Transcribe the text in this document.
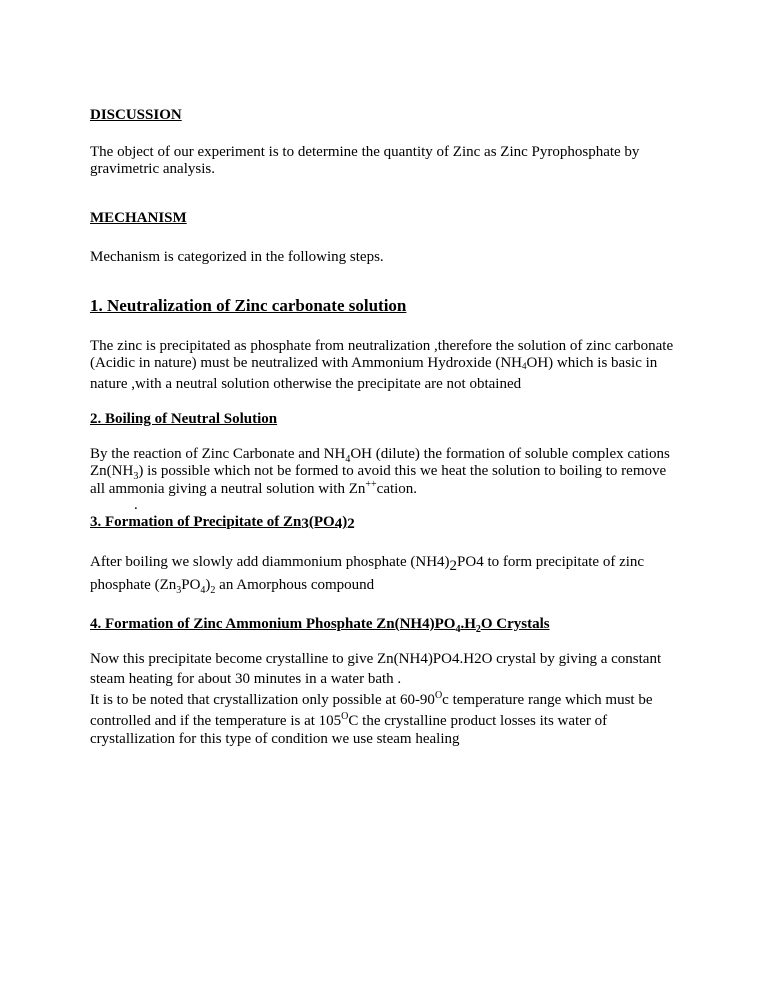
DISCUSSION
The object of our experiment is to determine the quantity of Zinc as Zinc Pyrophosphate by
gravimetric analysis.
MECHANISM
Mechanism is categorized in the following steps.
1. Neutralization of Zinc carbonate solution
The zinc is precipitated as phosphate from neutralization ,therefore the solution of zinc carbonate
(Acidic in nature) must be neutralized with Ammonium Hydroxide (NH4OH) which is basic in
nature ,with a neutral solution otherwise the precipitate are not obtained
2. Boiling of Neutral Solution
By the reaction of Zinc Carbonate and $NH_4OH$ (dilute) the formation of soluble complex cations
$Zn(NH_3)$ is possible which not be formed to avoid this we heat the solution to boiling to remove
all ammonia giving a neutral solution with Zn++cation.
.
3. Formation of Precipitate of Zn3(PO4)2
After boiling we slowly add diammonium phosphate (NH4)2PO4 to form precipitate of zinc
phosphate $(Zn_3PO_4)_2$ an Amorphous compound
4. Formation of Zinc Ammonium Phosphate $Zn(NH4)PO_4.H_2O$ Crystals
Now this precipitate become crystalline to give Zn(NH4)PO4.H2O crystal by giving a constant
steam heating for about 30 minutes in a water bath .
It is to be noted that crystallization only possible at $60-90^Oc$ temperature range which must be
controlled and if the temperature is at $105^OC$ the crystalline product losses its water of
crystallization for this type of condition we use steam healing
